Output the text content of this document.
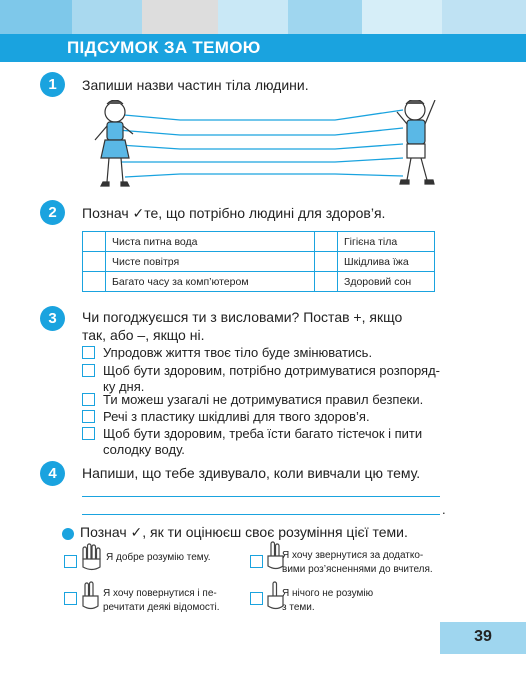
ПІДСУМОК ЗА ТЕМОЮ
1	Запиши назви частин тіла людини.
2	Познач ✓те, що потрібно людині для здоров’я.
	Чиста питна вода		Гігієна тіла
	Чисте повітря		Шкідлива їжа
	Багато часу за комп’ютером		Здоровий сон
3	Чи погоджуєшся ти з висловами? Постав +, якщо
так, або –, якщо ні.
Упродовж життя твоє тіло буде змінюватись.
Щоб бути здоровим, потрібно дотримуватися розпоряд-
ку дня.
Ти можеш узагалі не дотримуватися правил безпеки.
Речі з пластику шкідливі для твого здоров’я.
Щоб бути здоровим, треба їсти багато тістечок і пити
солодку воду.
4	Напиши, що тебе здивувало, коли вивчали цю тему.
.
Познач ✓, як ти оцінюєш своє розуміння цієї теми.
Я добре розумію тему.	Я хочу звернутися за додатко-
вими роз’ясненнями до вчителя.
Я хочу повернутися і пе-
речитати деякі відомості.
Я нічого не розумію
з теми.
39
